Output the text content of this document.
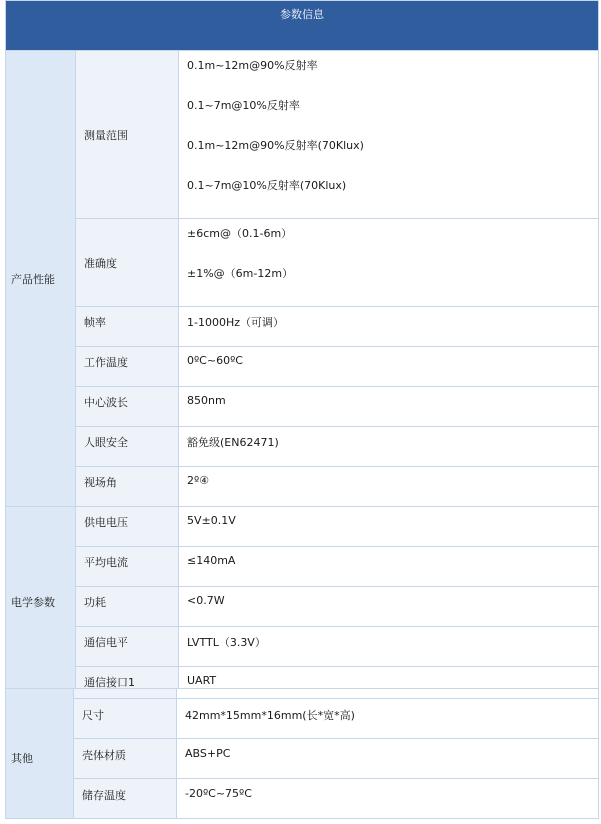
参数信息		
产品性能	测量范围	0.1m~12m@90%反射率
0.1~7m@10%反射率
0.1m~12m@90%反射率(70Klux)
0.1~7m@10%反射率(70Klux)

	准确度	±6cm@（0.1-6m）
±1%@（6m-12m）

	帧率	1-1000Hz（可调）
	工作温度	0ºC~60ºC
	中心波长	850nm
	人眼安全	豁免级(EN62471)
	视场角	2º④
电学参数	供电电压	5V±0.1V
	平均电流	≤140mA
	功耗	<0.7W
	通信电平	LVTTL（3.3V）
	通信接口1	UART

其他	尺寸	42mm*15mm*16mm(长*宽*高)
	壳体材质	ABS+PC
	储存温度	-20ºC~75ºC
